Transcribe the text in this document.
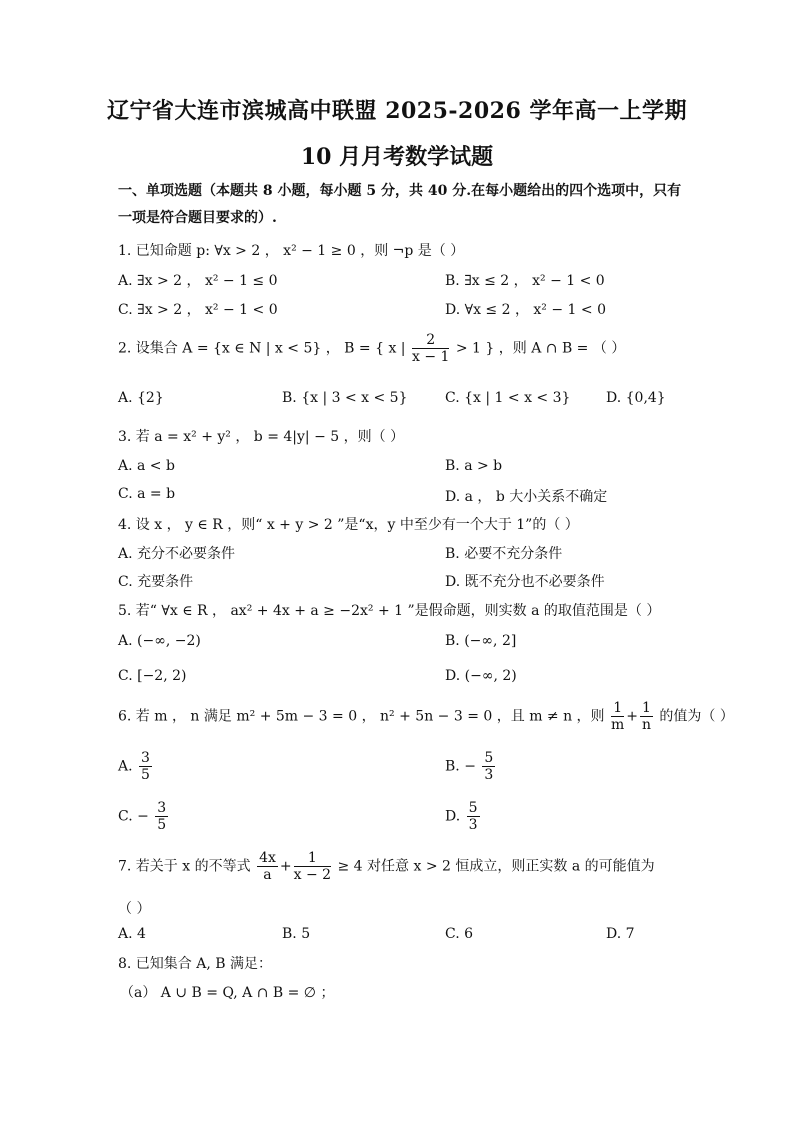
辽宁省大连市滨城高中联盟 2025-2026 学年高一上学期
10 月月考数学试题
一、单项选题（本题共 8 小题，每小题 5 分，共 40 分.在每小题给出的四个选项中，只有
一项是符合题目要求的）.
1. 已知命题 p: ∀x > 2 ， x² − 1 ≥ 0 ，则 ¬p 是（ ）
A. ∃x > 2 ， x² − 1 ≤ 0	B. ∃x ≤ 2 ， x² − 1 < 0
C. ∃x > 2 ， x² − 1 < 0	D. ∀x ≤ 2 ， x² − 1 < 0
2. 设集合 A = {x ∈ N | x < 5} ， B = { x | $\frac{2}{x - 1} > 1$ } ，则 A ∩ B = （ ）
A. {2}	B. {x | 3 < x < 5}	C. {x | 1 < x < 3}	D. {0,4}
3. 若 a = x² + y² ， b = 4|y| − 5 ，则（ ）
A. a < b	B. a > b
C. a = b	D. a ， b 大小关系不确定
4. 设 x ， y ∈ R ，则“ x + y > 2 ”是“x，y 中至少有一个大于 1”的（ ）
A. 充分不必要条件	B. 必要不充分条件
C. 充要条件	D. 既不充分也不必要条件
5. 若“ ∀x ∈ R ， ax² + 4x + a ≥ −2x² + 1 ”是假命题，则实数 a 的取值范围是（ ）
A. (−∞, −2)	B. (−∞, 2]
C. [−2, 2)	D. (−∞, 2)
6. 若 m ， n 满足 m² + 5m − 3 = 0 ， n² + 5n − 3 = 0 ，且 m ≠ n ，则 $\frac{1}{m} + \frac{1}{n}$ 的值为（ ）
A. $\frac{3}{5}$	B. − $\frac{5}{3}$
C. − $\frac{3}{5}$	D. $\frac{5}{3}$
7. 若关于 x 的不等式 $\frac{4x}{a} + \frac{1}{x - 2} \ge 4$ 对任意 x > 2 恒成立，则正实数 a 的可能值为
（ ）
A. 4	B. 5	C. 6	D. 7
8. 已知集合 A, B 满足：
（a） A ∪ B = Q, A ∩ B = ∅ ；
